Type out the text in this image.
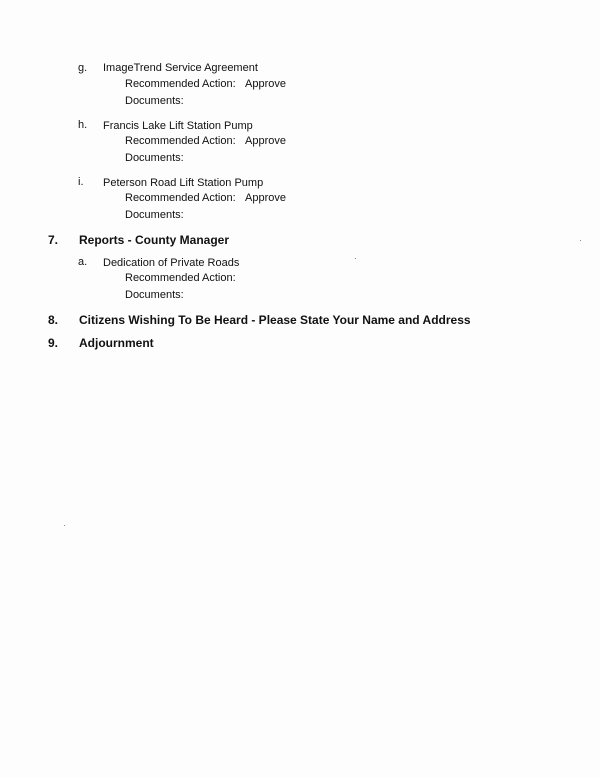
g. ImageTrend Service Agreement
Recommended Action: Approve
Documents:
h. Francis Lake Lift Station Pump
Recommended Action: Approve
Documents:
i. Peterson Road Lift Station Pump
Recommended Action: Approve
Documents:
7. Reports - County Manager
a. Dedication of Private Roads
Recommended Action:
Documents:
8. Citizens Wishing To Be Heard - Please State Your Name and Address
9. Adjournment
